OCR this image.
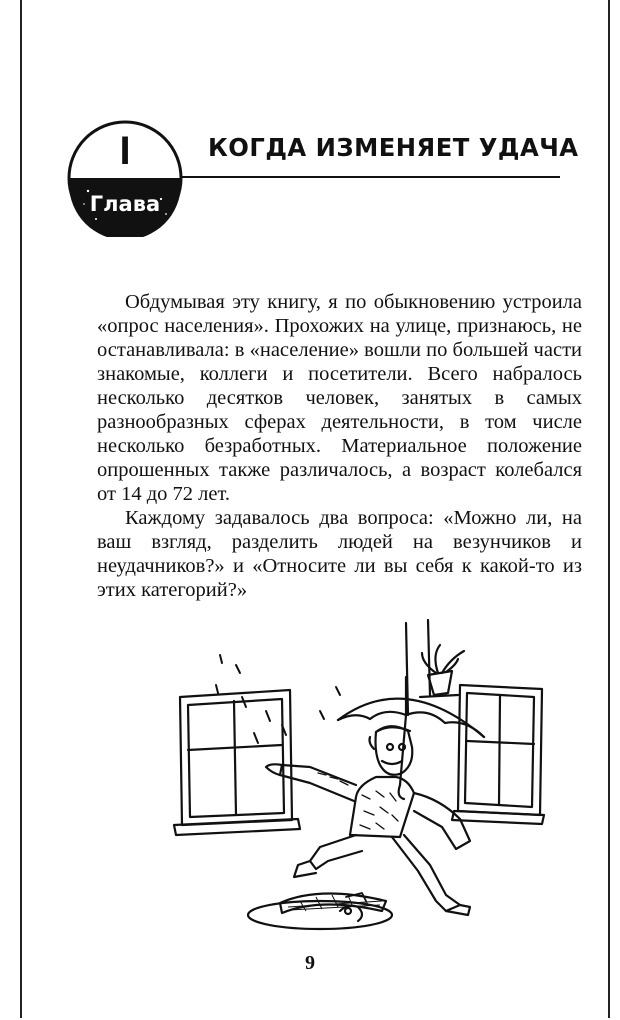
I
Глава
КОГДА ИЗМЕНЯЕТ УДАЧА

Обдумывая эту книгу, я по обыкновению устроила «опрос населения». Прохожих на улице, признаюсь, не останавливала: в «население» вошли по большей части знакомые, коллеги и посетители. Всего набралось несколько десятков человек, занятых в самых разнообразных сферах деятельности, в том числе несколько безработных. Материальное положение опрошенных также различалось, а возраст колебался от 14 до 72 лет.

Каждому задавалось два вопроса: «Можно ли, на ваш взгляд, разделить людей на везунчиков и неудачников?» и «Относите ли вы себя к какой-то из этих категорий?»

9
